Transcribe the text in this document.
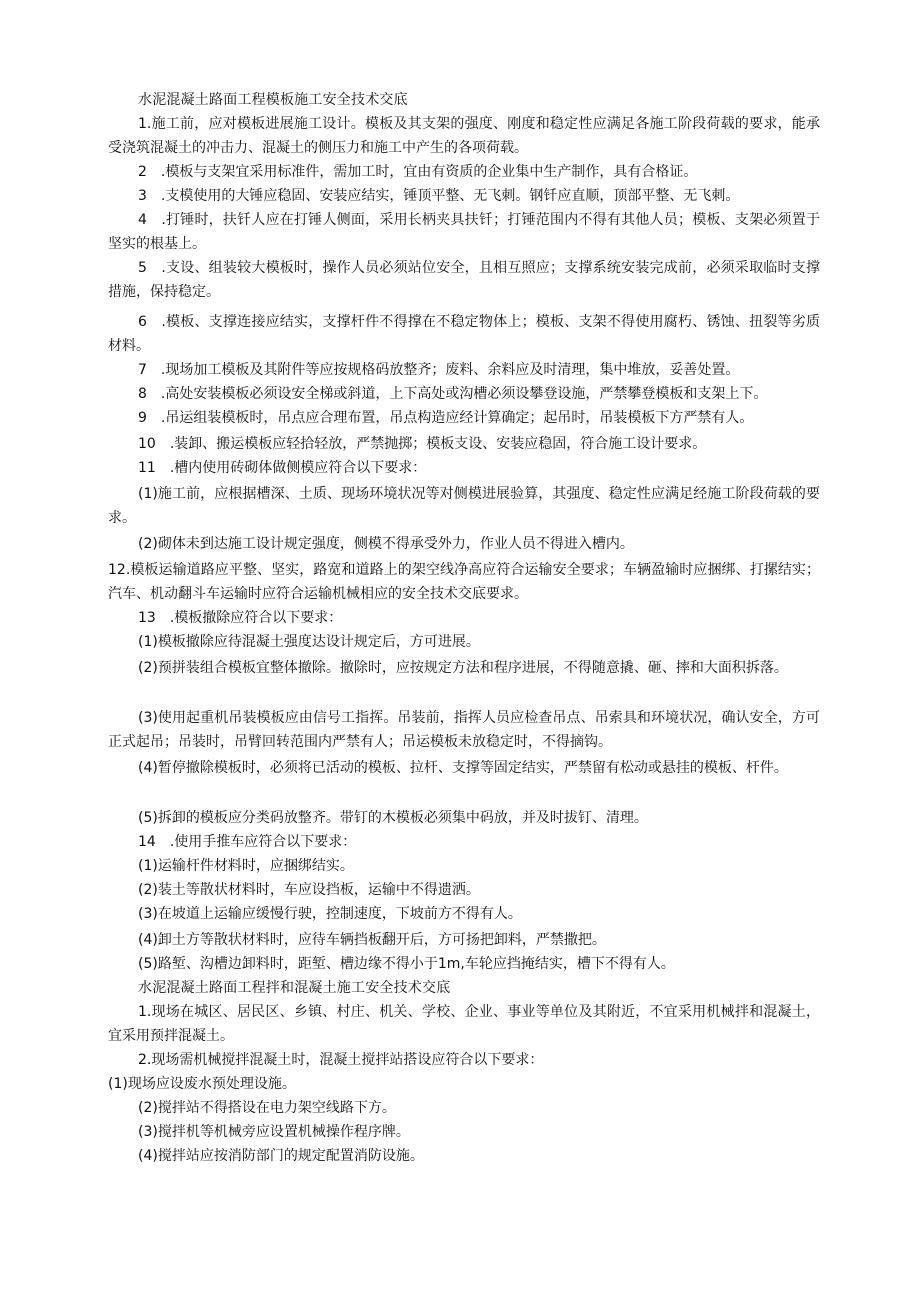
水泥混凝土路面工程模板施工安全技术交底
1.施工前，应对模板进展施工设计。模板及其支架的强度、刚度和稳定性应满足各施工阶段荷载的要求，能承受浇筑混凝土的冲击力、混凝土的侧压力和施工中产生的各项荷载。
2　.模板与支架宜采用标准件，需加工时，宜由有资质的企业集中生产制作，具有合格证。
3　.支模使用的大锤应稳固、安装应结实，锤顶平整、无飞刺。钢钎应直顺，顶部平整、无飞刺。
4　.打锤时，扶钎人应在打锤人侧面，采用长柄夹具扶钎；打锤范围内不得有其他人员；模板、支架必须置于坚实的根基上。
5　.支设、组装较大模板时，操作人员必须站位安全，且相互照应；支撑系统安装完成前，必须采取临时支撑措施，保持稳定。
6　.模板、支撑连接应结实，支撑杆件不得撑在不稳定物体上；模板、支架不得使用腐朽、锈蚀、扭裂等劣质材料。
7　.现场加工模板及其附件等应按规格码放整齐；废料、余料应及时清理，集中堆放，妥善处置。
8　.高处安装模板必须设安全梯或斜道，上下高处或沟槽必须设攀登设施，严禁攀登模板和支架上下。
9　.吊运组装模板时，吊点应合理布置，吊点构造应经计算确定；起吊时，吊装模板下方严禁有人。
10　.装卸、搬运模板应轻拾轻放，严禁抛掷；模板支设、安装应稳固，符合施工设计要求。
11　.槽内使用砖砌体做侧模应符合以下要求：
(1)施工前，应根据槽深、土质、现场环境状况等对侧模进展验算，其强度、稳定性应满足经施工阶段荷载的要求。
(2)砌体未到达施工设计规定强度，侧模不得承受外力，作业人员不得进入槽内。
12.模板运输道路应平整、坚实，路宽和道路上的架空线净高应符合运输安全要求；车辆盈输时应捆绑、打摞结实；汽车、机动翻斗车运输时应符合运输机械相应的安全技术交底要求。
13　.模板撤除应符合以下要求：
(1)模板撤除应待混凝土强度达设计规定后，方可进展。
(2)预拼装组合模板宜整体撤除。撤除时，应按规定方法和程序进展，不得随意撬、砸、摔和大面积拆落。
(3)使用起重机吊装模板应由信号工指挥。吊装前，指挥人员应检查吊点、吊索具和环境状况，确认安全，方可正式起吊；吊装时，吊臂回转范围内严禁有人；吊运模板未放稳定时，不得摘钩。
(4)暂停撤除模板时，必须将已活动的模板、拉杆、支撑等固定结实，严禁留有松动或悬挂的模板、杆件。
(5)拆卸的模板应分类码放整齐。带钉的木模板必须集中码放，并及时拔钉、清理。
14　.使用手推车应符合以下要求：
(1)运输杆件材料时，应捆绑结实。
(2)装土等散状材料时，车应设挡板，运输中不得遗洒。
(3)在坡道上运输应缓慢行驶，控制速度，下坡前方不得有人。
(4)卸土方等散状材料时，应待车辆挡板翻开后，方可扬把卸料，严禁撒把。
(5)路堑、沟槽边卸料时，距堑、槽边缘不得小于1m,车轮应挡掩结实，槽下不得有人。
水泥混凝土路面工程拌和混凝土施工安全技术交底
1.现场在城区、居民区、乡镇、村庄、机关、学校、企业、事业等单位及其附近，不宜采用机械拌和混凝土，宜采用预拌混凝土。
2.现场需机械搅拌混凝土时，混凝土搅拌站搭设应符合以下要求：
(1)现场应设废水预处理设施。
(2)搅拌站不得搭设在电力架空线路下方。
(3)搅拌机等机械旁应设置机械操作程序牌。
(4)搅拌站应按消防部门的规定配置消防设施。
